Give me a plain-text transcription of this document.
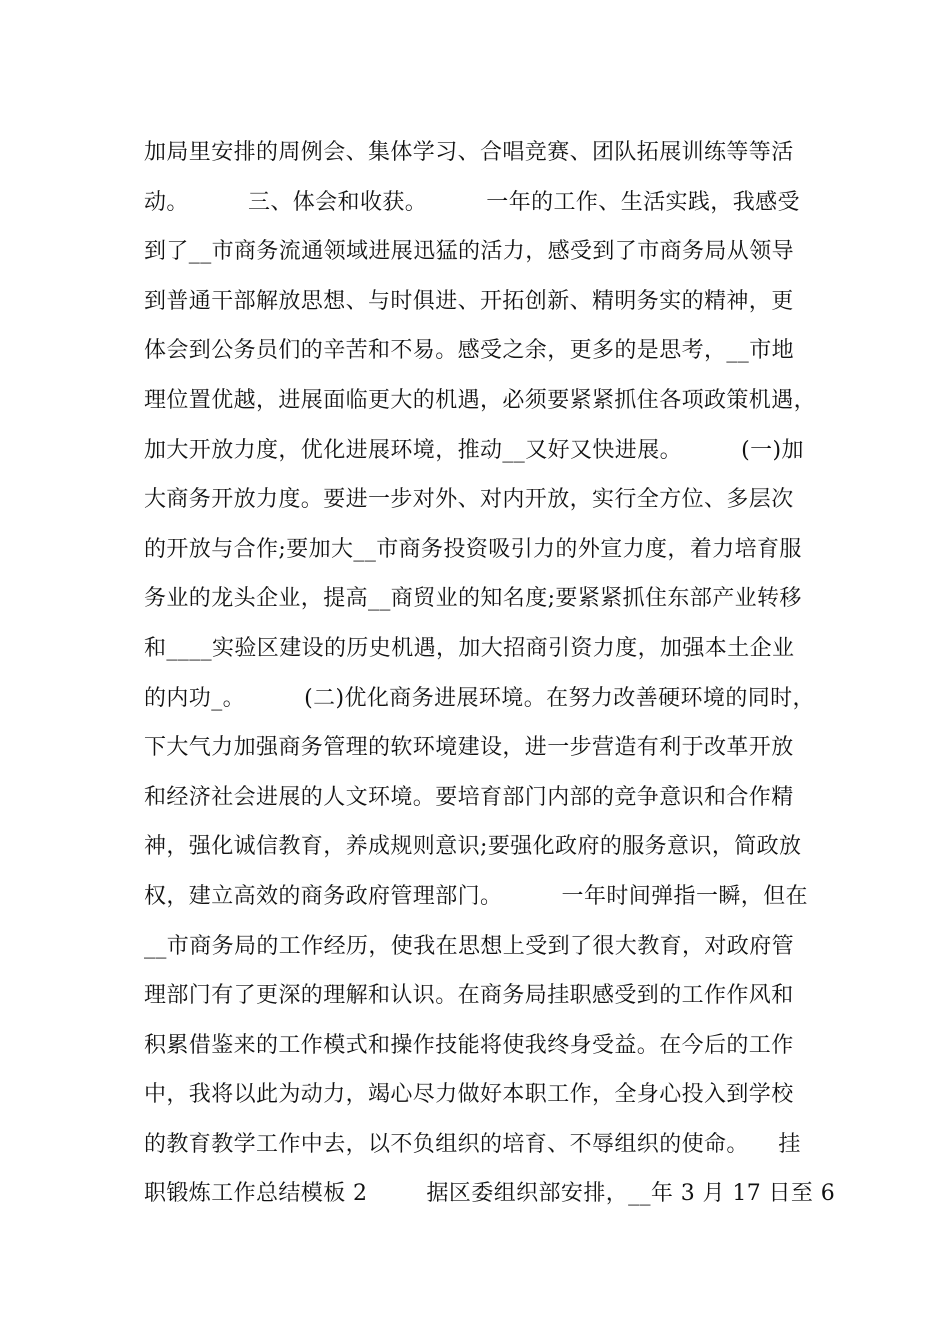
加局里安排的周例会、集体学习、合唱竞赛、团队拓展训练等等活
动。        三、体会和收获。        一年的工作、生活实践，我感受
到了__市商务流通领域进展迅猛的活力，感受到了市商务局从领导
到普通干部解放思想、与时俱进、开拓创新、精明务实的精神，更
体会到公务员们的辛苦和不易。感受之余，更多的是思考，__市地
理位置优越，进展面临更大的机遇，必须要紧紧抓住各项政策机遇，
加大开放力度，优化进展环境，推动__又好又快进展。        (一)加
大商务开放力度。要进一步对外、对内开放，实行全方位、多层次
的开放与合作;要加大__市商务投资吸引力的外宣力度，着力培育服
务业的龙头企业，提高__商贸业的知名度;要紧紧抓住东部产业转移
和____实验区建设的历史机遇，加大招商引资力度，加强本土企业
的内功_。        (二)优化商务进展环境。在努力改善硬环境的同时，
下大气力加强商务管理的软环境建设，进一步营造有利于改革开放
和经济社会进展的人文环境。要培育部门内部的竞争意识和合作精
神，强化诚信教育，养成规则意识;要强化政府的服务意识，简政放
权，建立高效的商务政府管理部门。        一年时间弹指一瞬，但在
__市商务局的工作经历，使我在思想上受到了很大教育，对政府管
理部门有了更深的理解和认识。在商务局挂职感受到的工作作风和
积累借鉴来的工作模式和操作技能将使我终身受益。在今后的工作
中，我将以此为动力，竭心尽力做好本职工作，全身心投入到学校
的教育教学工作中去，以不负组织的培育、不辱组织的使命。    挂
职锻炼工作总结模板 2        据区委组织部安排，__年 3 月 17 日至 6
